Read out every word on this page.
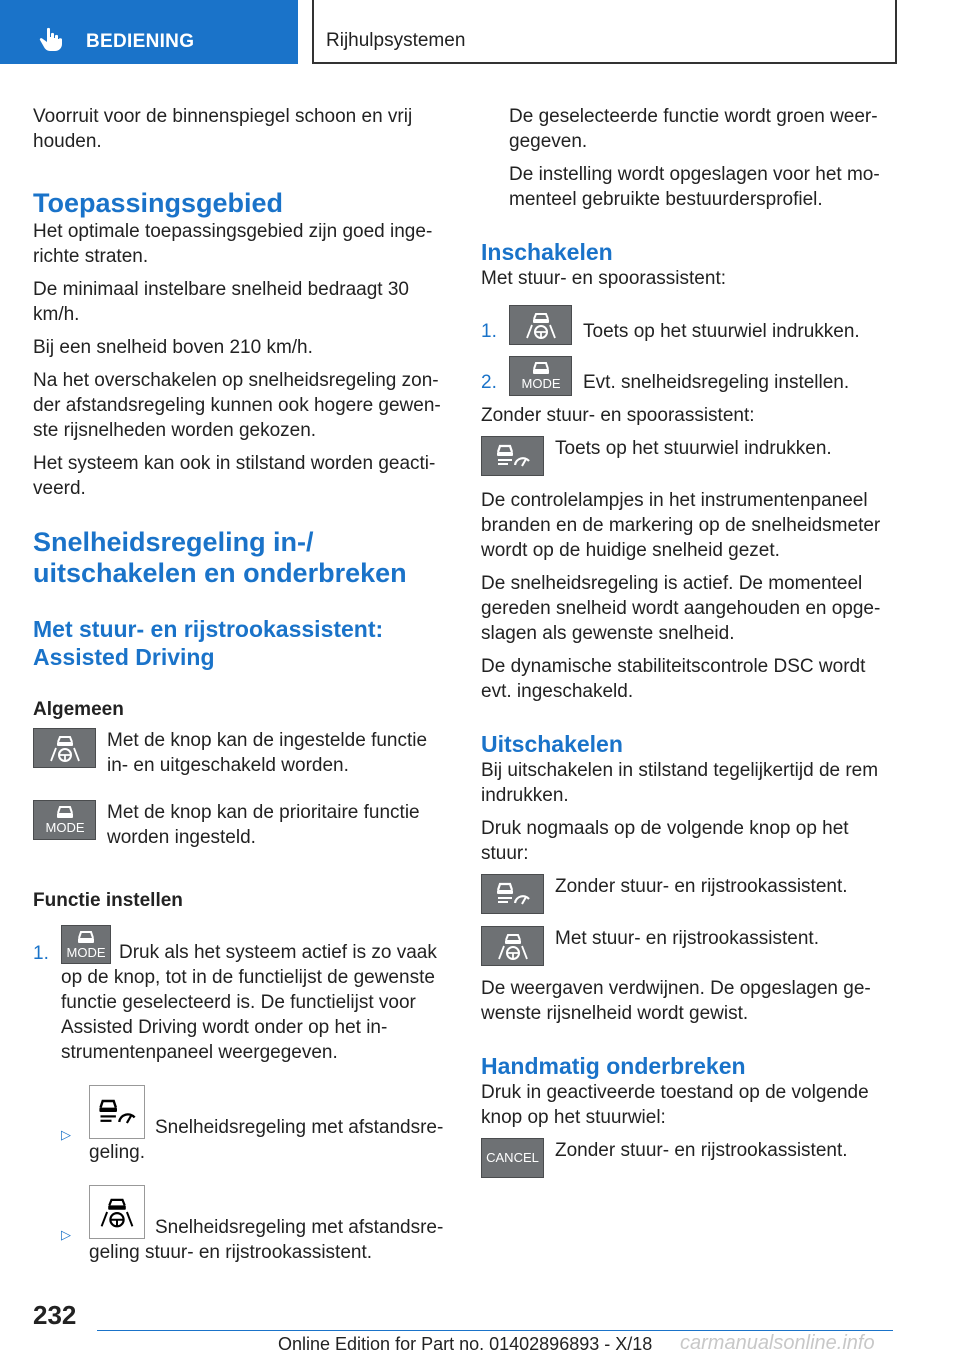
BEDIENING	Rijhulpsystemen

Voorruit voor de binnenspiegel schoon en vrij houden.

Toepassingsgebied

Het optimale toepassingsgebied zijn goed ingerichte straten.

De minimaal instelbare snelheid bedraagt 30 km/h.

Bij een snelheid boven 210 km/h.

Na het overschakelen op snelheidsregeling zonder afstandsregeling kunnen ook hogere gewenste rijsnelheden worden gekozen.

Het systeem kan ook in stilstand worden geactiveerd.

Snelheidsregeling in-/ uitschakelen en onderbreken
Met stuur- en rijstrookassistent: Assisted Driving
Algemeen

Met de knop kan de ingestelde functie in- en uitgeschakeld worden.

MODE

Met de knop kan de prioritaire functie worden ingesteld.

Functie instellen
1.	MODE Druk als het systeem actief is zo vaak op de knop, tot in de functielijst de gewenste functie geselecteerd is. De functielijst voor Assisted Driving wordt onder op het instrumentenpaneel weergegeven.

▷	Snelheidsregeling met afstandsregeling.

▷	Snelheidsregeling met afstandsregeling stuur- en rijstrookassistent.

De geselecteerde functie wordt groen weergegeven.

De instelling wordt opgeslagen voor het momenteel gebruikte bestuurdersprofiel.

Inschakelen

Met stuur- en spoorassistent:

1.	Toets op het stuurwiel indrukken.

2.	MODE Evt. snelheidsregeling instellen.

Zonder stuur- en spoorassistent:

Toets op het stuurwiel indrukken.

De controlelampjes in het instrumentenpaneel branden en de markering op de snelheidsmeter wordt op de huidige snelheid gezet.

De snelheidsregeling is actief. De momenteel gereden snelheid wordt aangehouden en opgeslagen als gewenste snelheid.

De dynamische stabiliteitscontrole DSC wordt evt. ingeschakeld.

Uitschakelen

Bij uitschakelen in stilstand tegelijkertijd de rem indrukken.

Druk nogmaals op de volgende knop op het stuur:

Zonder stuur- en rijstrookassistent.

Met stuur- en rijstrookassistent.

De weergaven verdwijnen. De opgeslagen gewenste rijsnelheid wordt gewist.

Handmatig onderbreken

Druk in geactiveerde toestand op de volgende knop op het stuurwiel:

CANCEL Zonder stuur- en rijstrookassistent.

232
Online Edition for Part no. 01402896893 - X/18 carmanualsonline.info
